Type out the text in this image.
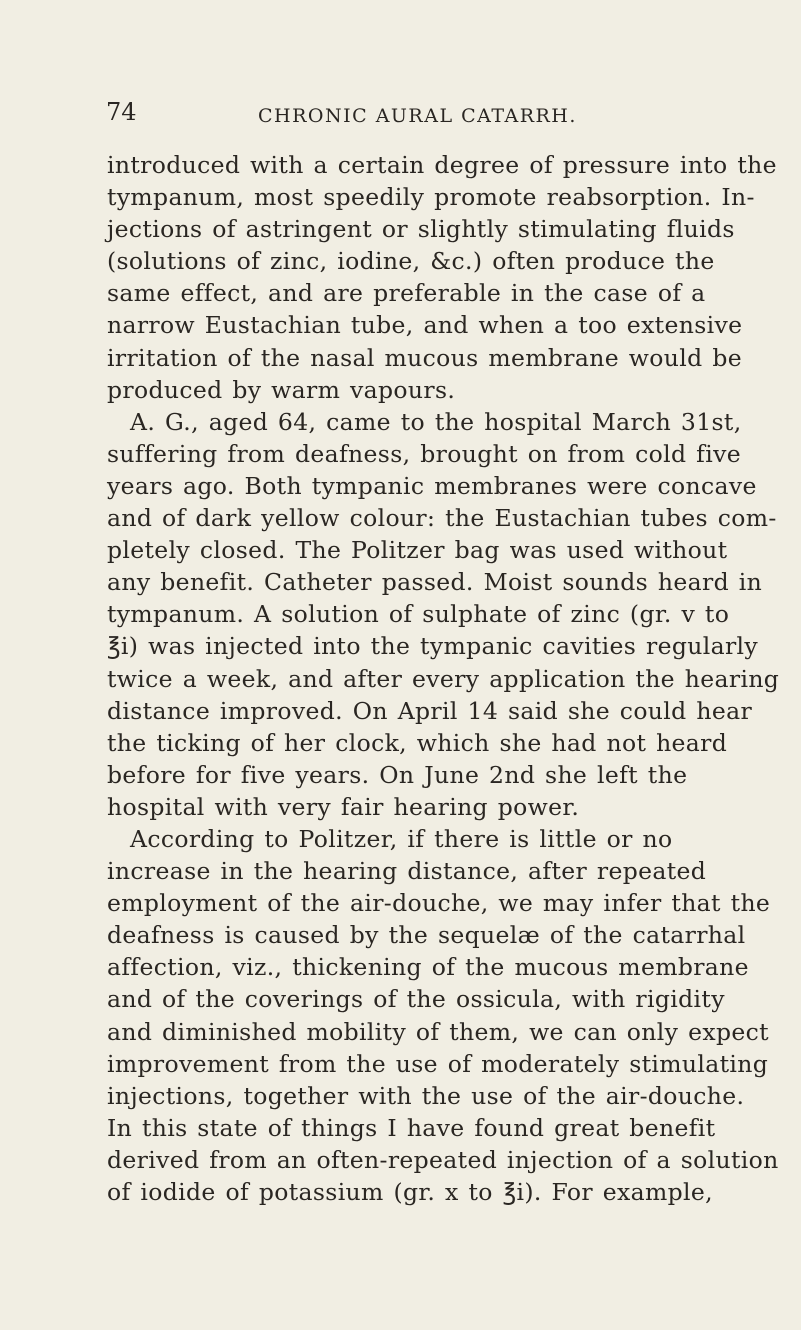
74	CHRONIC AURAL CATARRH.
introduced with a certain degree of pressure into the
tympanum, most speedily promote reabsorption. In-
jections of astringent or slightly stimulating fluids
(solutions of zinc, iodine, &c.) often produce the
same effect, and are preferable in the case of a
narrow Eustachian tube, and when a too extensive
irritation of the nasal mucous membrane would be
produced by warm vapours.
A. G., aged 64, came to the hospital March 31st,
suffering from deafness, brought on from cold five
years ago. Both tympanic membranes were concave
and of dark yellow colour: the Eustachian tubes com-
pletely closed. The Politzer bag was used without
any benefit. Catheter passed. Moist sounds heard in
tympanum. A solution of sulphate of zinc (gr. v to
℥i) was injected into the tympanic cavities regularly
twice a week, and after every application the hearing
distance improved. On April 14 said she could hear
the ticking of her clock, which she had not heard
before for five years. On June 2nd she left the
hospital with very fair hearing power.
According to Politzer, if there is little or no
increase in the hearing distance, after repeated
employment of the air-douche, we may infer that the
deafness is caused by the sequelæ of the catarrhal
affection, viz., thickening of the mucous membrane
and of the coverings of the ossicula, with rigidity
and diminished mobility of them, we can only expect
improvement from the use of moderately stimulating
injections, together with the use of the air-douche.
In this state of things I have found great benefit
derived from an often-repeated injection of a solution
of iodide of potassium (gr. x to ℥i). For example,
